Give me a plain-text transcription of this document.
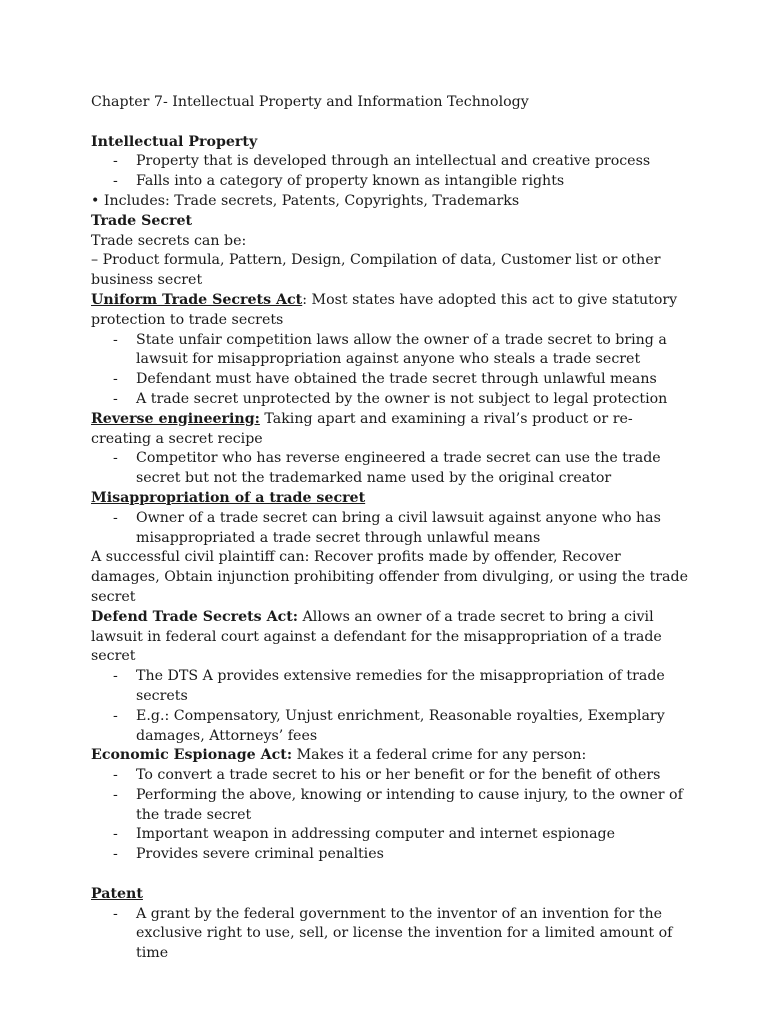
Chapter 7- Intellectual Property and Information Technology
Intellectual Property
- Property that is developed through an intellectual and creative process
- Falls into a category of property known as intangible rights
• Includes: Trade secrets, Patents, Copyrights, Trademarks
Trade Secret
Trade secrets can be:
– Product formula, Pattern, Design, Compilation of data, Customer list or other business secret
Uniform Trade Secrets Act: Most states have adopted this act to give statutory protection to trade secrets
- State unfair competition laws allow the owner of a trade secret to bring a lawsuit for misappropriation against anyone who steals a trade secret
- Defendant must have obtained the trade secret through unlawful means
- A trade secret unprotected by the owner is not subject to legal protection
Reverse engineering: Taking apart and examining a rival’s product or re-creating a secret recipe
- Competitor who has reverse engineered a trade secret can use the trade secret but not the trademarked name used by the original creator
Misappropriation of a trade secret
- Owner of a trade secret can bring a civil lawsuit against anyone who has misappropriated a trade secret through unlawful means
A successful civil plaintiff can: Recover profits made by offender, Recover damages, Obtain injunction prohibiting offender from divulging, or using the trade secret
Defend Trade Secrets Act: Allows an owner of a trade secret to bring a civil lawsuit in federal court against a defendant for the misappropriation of a trade secret
- The DTS A provides extensive remedies for the misappropriation of trade secrets
- E.g.: Compensatory, Unjust enrichment, Reasonable royalties, Exemplary damages, Attorneys’ fees
Economic Espionage Act: Makes it a federal crime for any person:
- To convert a trade secret to his or her benefit or for the benefit of others
- Performing the above, knowing or intending to cause injury, to the owner of the trade secret
- Important weapon in addressing computer and internet espionage
- Provides severe criminal penalties
Patent
- A grant by the federal government to the inventor of an invention for the exclusive right to use, sell, or license the invention for a limited amount of time
